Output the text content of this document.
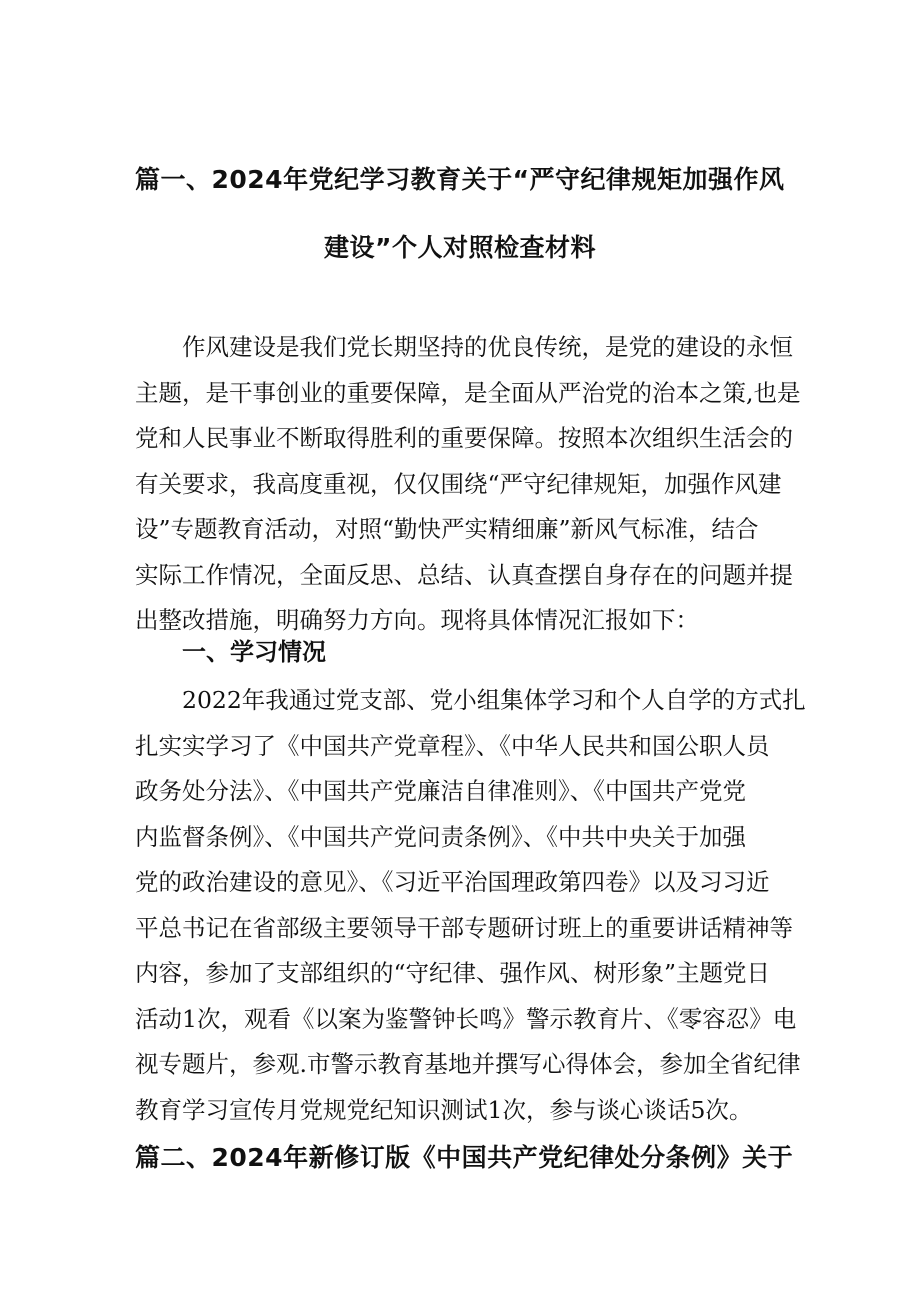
篇一、2024年党纪学习教育关于“严守纪律规矩加强作风
建设”个人对照检查材料
作风建设是我们党长期坚持的优良传统，是党的建设的永恒
主题，是干事创业的重要保障，是全面从严治党的治本之策,也是
党和人民事业不断取得胜利的重要保障。按照本次组织生活会的
有关要求，我高度重视，仅仅围绕“严守纪律规矩，加强作风建
设”专题教育活动，对照“勤快严实精细廉”新风气标准，结合
实际工作情况，全面反思、总结、认真查摆自身存在的问题并提
出整改措施，明确努力方向。现将具体情况汇报如下：
一、学习情况
2022年我通过党支部、党小组集体学习和个人自学的方式扎
扎实实学习了《中国共产党章程》、《中华人民共和国公职人员
政务处分法》、《中国共产党廉洁自律准则》、《中国共产党党
内监督条例》、《中国共产党问责条例》、《中共中央关于加强
党的政治建设的意见》、《习近平治国理政第四卷》以及习习近
平总书记在省部级主要领导干部专题研讨班上的重要讲话精神等
内容，参加了支部组织的“守纪律、强作风、树形象”主题党日
活动1次，观看《以案为鉴警钟长鸣》警示教育片、《零容忍》电
视专题片，参观.市警示教育基地并撰写心得体会，参加全省纪律
教育学习宣传月党规党纪知识测试1次，参与谈心谈话5次。
篇二、2024年新修订版《中国共产党纪律处分条例》关于
